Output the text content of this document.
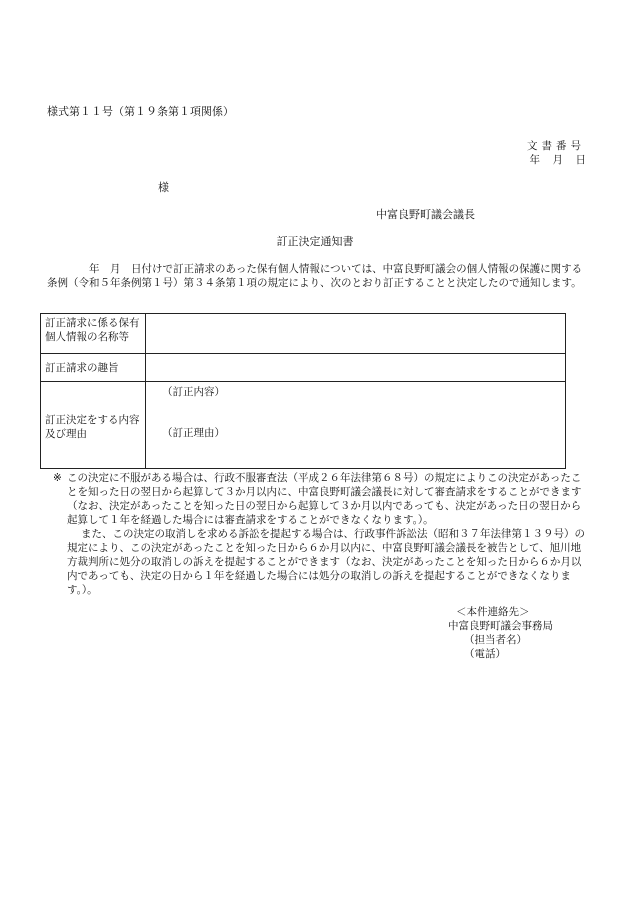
様式第１１号（第１９条第１項関係）
文書番号
年　月　日
様
中富良野町議会議長
訂正決定通知書
年　月　日付けで訂正請求のあった保有個人情報については、中富良野町議会の個人情報の保護に関する条例（令和５年条例第１号）第３４条第１項の規定により、次のとおり訂正することと決定したので通知します。
訂正請求に係る保有個人情報の名称等	

訂正請求の趣旨	

訂正決定をする内容及び理由	（訂正内容）
（訂正理由）
※ この決定に不服がある場合は、行政不服審査法（平成２６年法律第６８号）の規定によりこの決定があったことを知った日の翌日から起算して３か月以内に、中富良野町議会議長に対して審査請求をすることができます（なお、決定があったことを知った日の翌日から起算して３か月以内であっても、決定があった日の翌日から起算して１年を経過した場合には審査請求をすることができなくなります。）。

また、この決定の取消しを求める訴訟を提起する場合は、行政事件訴訟法（昭和３７年法律第１３９号）の規定により、この決定があったことを知った日から６か月以内に、中富良野町議会議長を被告として、旭川地方裁判所に処分の取消しの訴えを提起することができます（なお、決定があったことを知った日から６か月以内であっても、決定の日から１年を経過した場合には処分の取消しの訴えを提起することができなくなります。）。

＜本件連絡先＞
中富良野町議会事務局
（担当者名）
（電話）
